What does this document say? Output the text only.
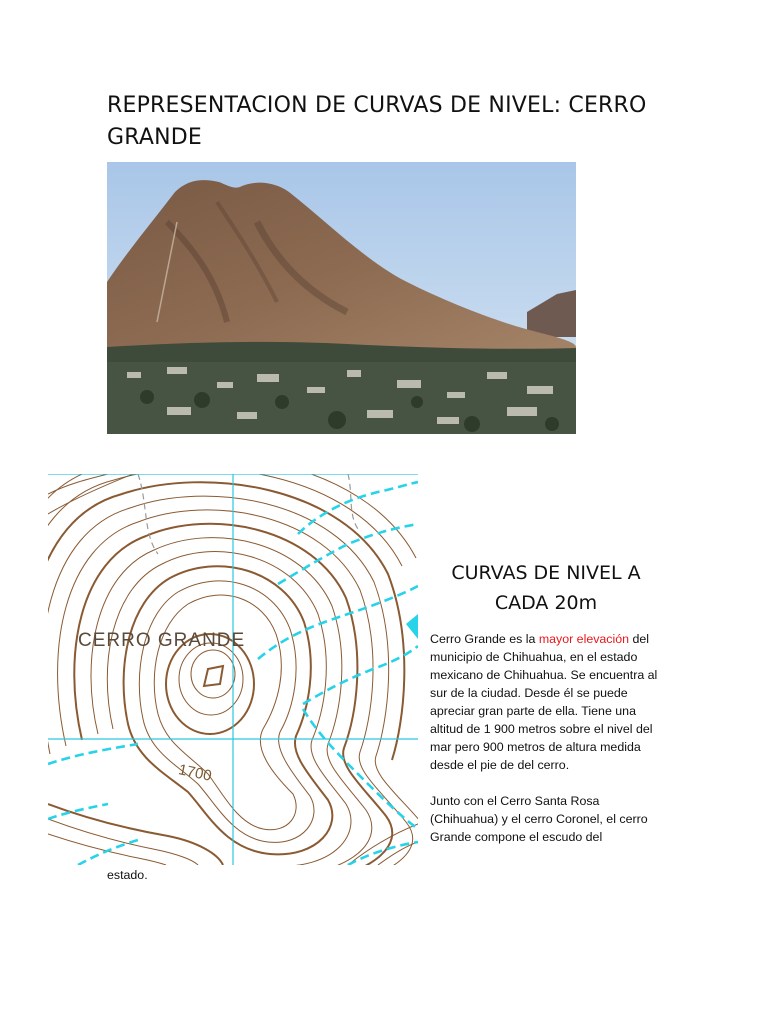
REPRESENTACION DE CURVAS DE NIVEL: CERRO GRANDE
CERRO GRANDE
1700
CURVAS DE NIVEL A CADA 20m

Cerro Grande es la mayor elevación del municipio de Chihuahua, en el estado mexicano de Chihuahua. Se encuentra al sur de la ciudad. Desde él se puede apreciar gran parte de ella. Tiene una altitud de 1 900 metros sobre el nivel del mar pero 900 metros de altura medida desde el pie de del cerro.

Junto con el Cerro Santa Rosa (Chihuahua) y el cerro Coronel, el cerro Grande compone el escudo del

estado.
